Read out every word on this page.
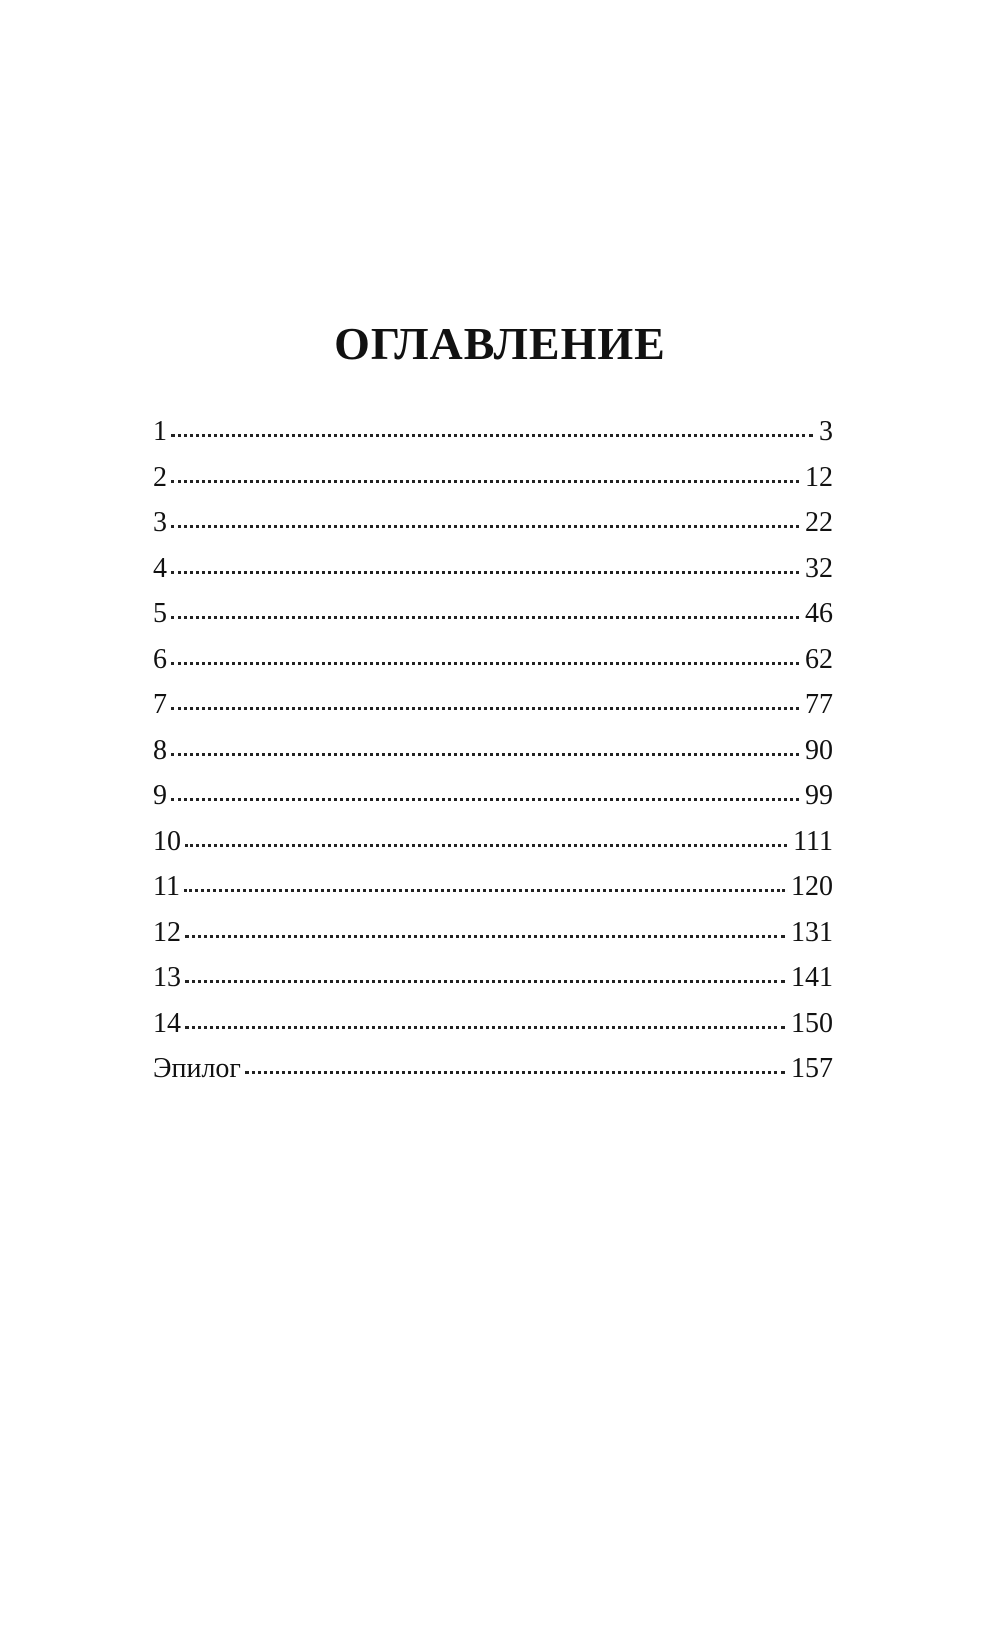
ОГЛАВЛЕНИЕ
1	3
2	12
3	22
4	32
5	46
6	62
7	77
8	90
9	99
10	111
11	120
12	131
13	141
14	150
Эпилог	157
